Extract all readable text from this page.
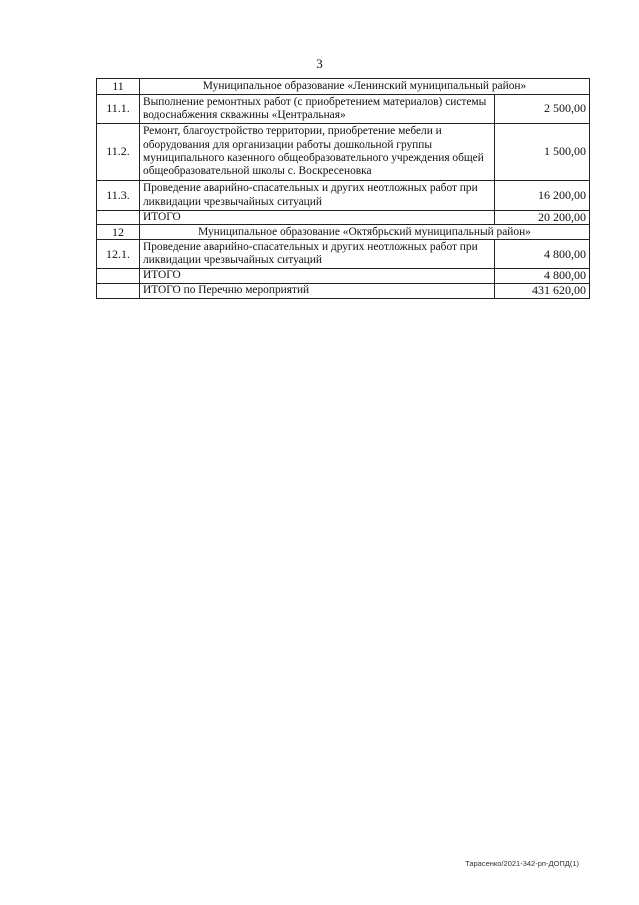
3
11	Муниципальное образование «Ленинский муниципальный район»	
11.1.	Выполнение ремонтных работ (с приобретением материалов) системы водоснабжения скважины «Центральная»	2 500,00
11.2.	Ремонт, благоустройство территории, приобретение мебели и оборудования для организации работы дошкольной группы муниципального казенного общеобразовательного учреждения общей общеобразовательной школы с. Воскресеновка	1 500,00
11.3.	Проведение аварийно-спасательных и других неотложных работ при ликвидации чрезвычайных ситуаций	16 200,00
	ИТОГО	20 200,00
12	Муниципальное образование «Октябрьский муниципальный район»	
12.1.	Проведение аварийно-спасательных и других неотложных работ при ликвидации чрезвычайных ситуаций	4 800,00
	ИТОГО	4 800,00
	ИТОГО по Перечню мероприятий	431 620,00
Тарасенко/2021-342-рп-ДОПД(1)
